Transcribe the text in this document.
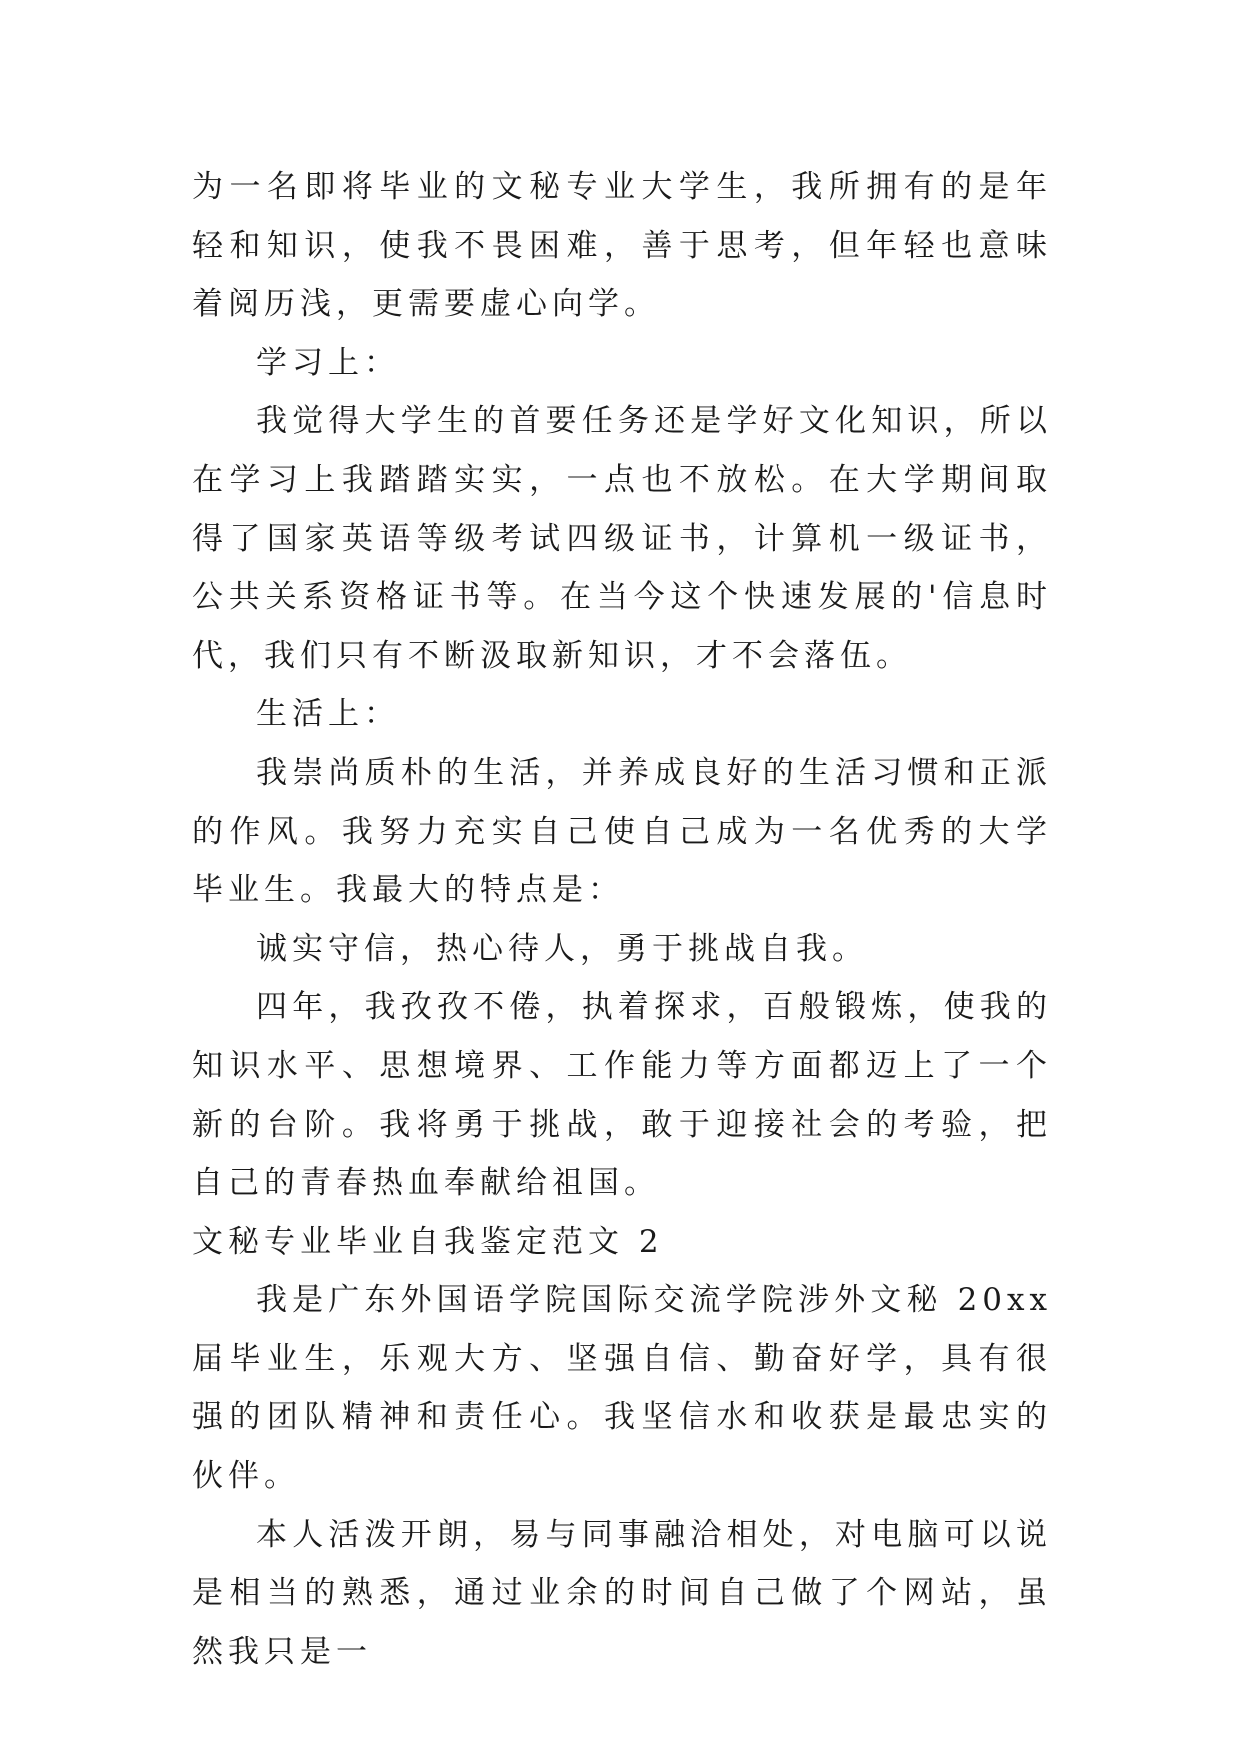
为一名即将毕业的文秘专业大学生，我所拥有的是年轻和知识，使我不畏困难，善于思考，但年轻也意味着阅历浅，更需要虚心向学。

学习上：

我觉得大学生的首要任务还是学好文化知识，所以在学习上我踏踏实实，一点也不放松。在大学期间取得了国家英语等级考试四级证书，计算机一级证书，公共关系资格证书等。在当今这个快速发展的'信息时代，我们只有不断汲取新知识，才不会落伍。

生活上：

我崇尚质朴的生活，并养成良好的生活习惯和正派的作风。我努力充实自己使自己成为一名优秀的大学毕业生。我最大的特点是：

诚实守信，热心待人，勇于挑战自我。

四年，我孜孜不倦，执着探求，百般锻炼，使我的知识水平、思想境界、工作能力等方面都迈上了一个新的台阶。我将勇于挑战，敢于迎接社会的考验，把自己的青春热血奉献给祖国。

文秘专业毕业自我鉴定范文 2

我是广东外国语学院国际交流学院涉外文秘 20xx 届毕业生，乐观大方、坚强自信、勤奋好学，具有很强的团队精神和责任心。我坚信水和收获是最忠实的伙伴。

本人活泼开朗，易与同事融洽相处，对电脑可以说是相当的熟悉，通过业余的时间自己做了个网站，虽然我只是一
